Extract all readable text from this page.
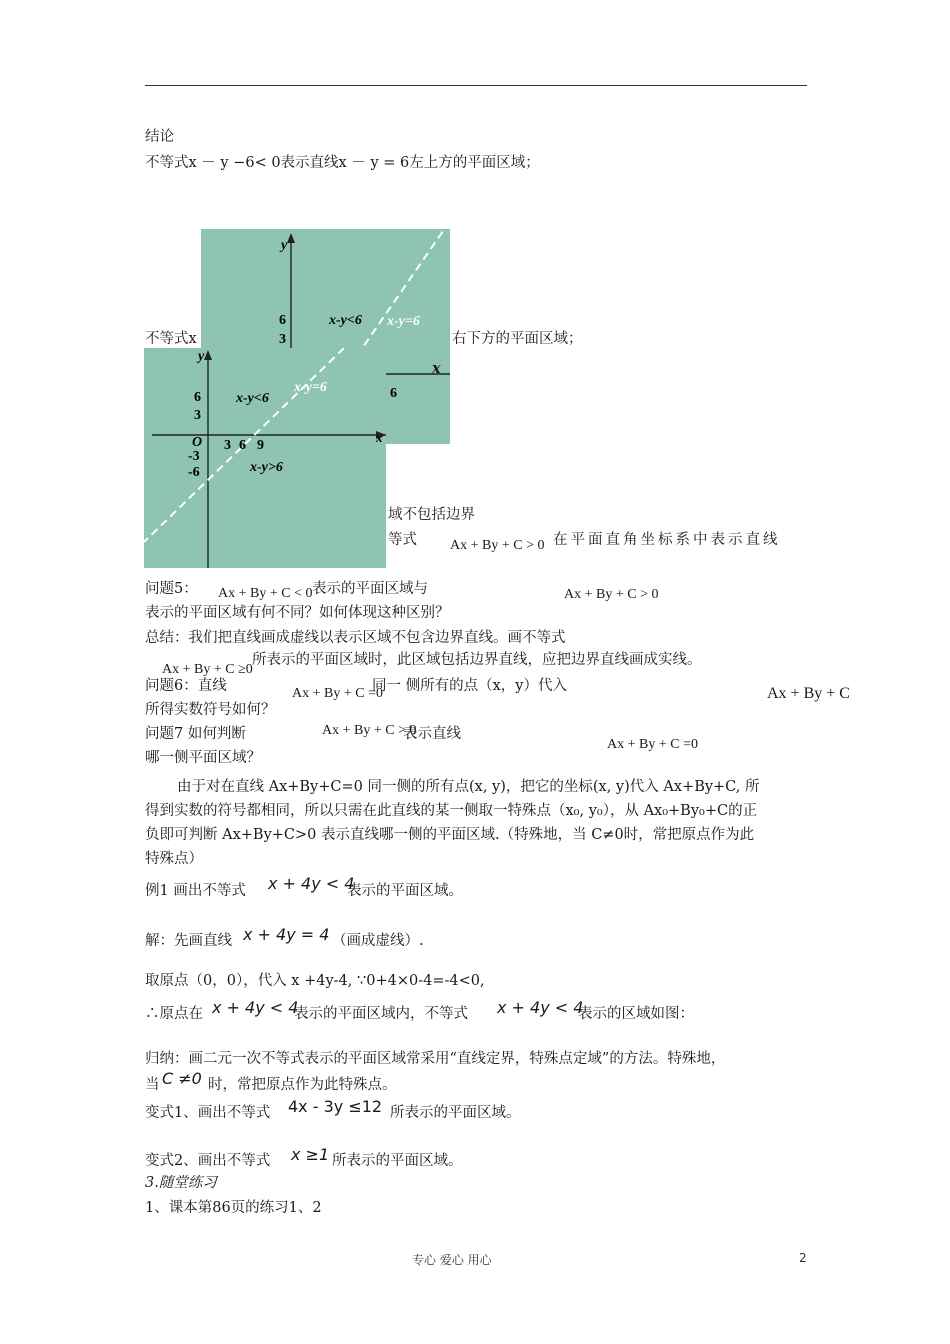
结论
不等式x － y −6< 0表示直线x － y = 6左上方的平面区域；
y
6
3
x-y<6 x-y=6
不等式x	右下方的平面区域；
6
x
y
x
6
3
-3
-6
O 3 6 9
x-y<6
x-y=6
x-y>6
域不包括边界
等式 Ax + By + C > 0 在平面直角坐标系中表示直线
问题5： Ax + By + C < 0 表示的平面区域与	Ax + By + C > 0
表示的平面区域有何不同？如何体现这种区别？
总结：我们把直线画成虚线以表示区域不包含边界直线。画不等式
Ax + By + C ≥0
所表示的平面区域时，此区域包括边界直线，应把边界直线画成实线。
问题6：直线	Ax + By + C =0
同一 侧所有的点（x，y）代入	Ax + By + C
所得实数符号如何？
问题7 如何判断	Ax + By + C > 0
表示直线
Ax + By + C =0
哪一侧平面区域？
由于对在直线 Ax+By+C=0 同一侧的所有点(x, y)，把它的坐标(x, y)代入 Ax+By+C, 所
得到实数的符号都相同，所以只需在此直线的某一侧取一特殊点（x₀, y₀），从 Ax₀+By₀+C的正
负即可判断 Ax+By+C>0 表示直线哪一侧的平面区域.（特殊地，当 C≠0时，常把原点作为此
特殊点）
例1 画出不等式 x + 4y < 4
表示的平面区域。
解：先画直线 x + 4y = 4 （画成虚线）.
取原点（0，0），代入 x +4y-4, ∵0+4×0-4=-4<0,
∴原点在 x + 4y < 4
表示的平面区域内，不等式 x + 4y < 4
表示的区域如图：
归纳：画二元一次不等式表示的平面区域常采用“直线定界，特殊点定域”的方法。特殊地，
当 C ≠0 时，常把原点作为此特殊点。
变式1、画出不等式 4x - 3y ≤12 所表示的平面区域。
变式2、画出不等式 x ≥1 所表示的平面区域。
3.随堂练习
1、课本第86页的练习1、2
专心 爱心 用心	2
